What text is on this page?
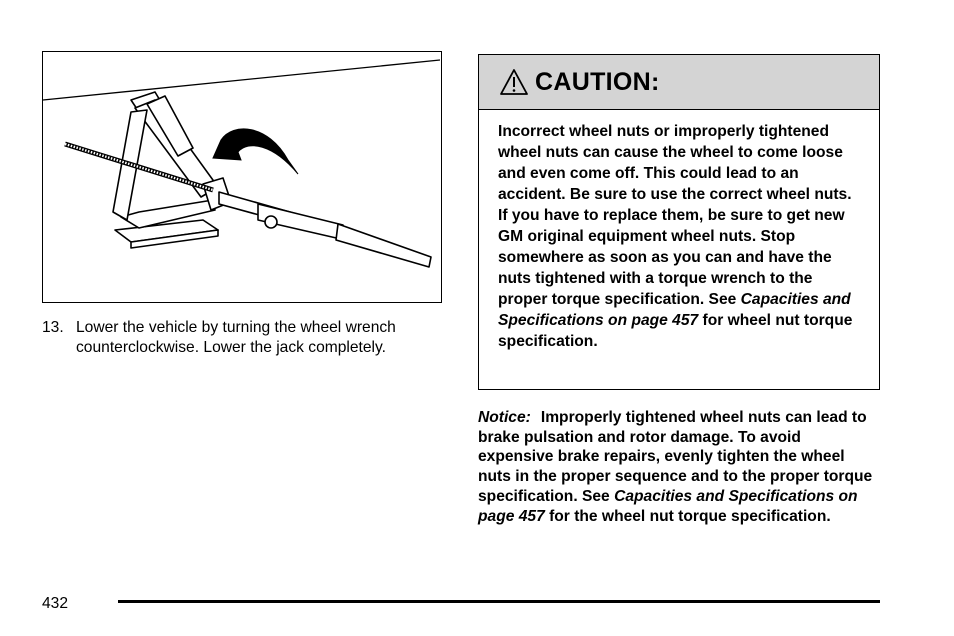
13. Lower the vehicle by turning the wheel wrench counterclockwise. Lower the jack completely.
CAUTION:
Incorrect wheel nuts or improperly tightened wheel nuts can cause the wheel to come loose and even come off. This could lead to an accident. Be sure to use the correct wheel nuts. If you have to replace them, be sure to get new GM original equipment wheel nuts. Stop somewhere as soon as you can and have the nuts tightened with a torque wrench to the proper torque specification. See Capacities and Specifications on page 457 for wheel nut torque specification.
Notice: Improperly tightened wheel nuts can lead to brake pulsation and rotor damage. To avoid expensive brake repairs, evenly tighten the wheel nuts in the proper sequence and to the proper torque specification. See Capacities and Specifications on page 457 for the wheel nut torque specification.
432
